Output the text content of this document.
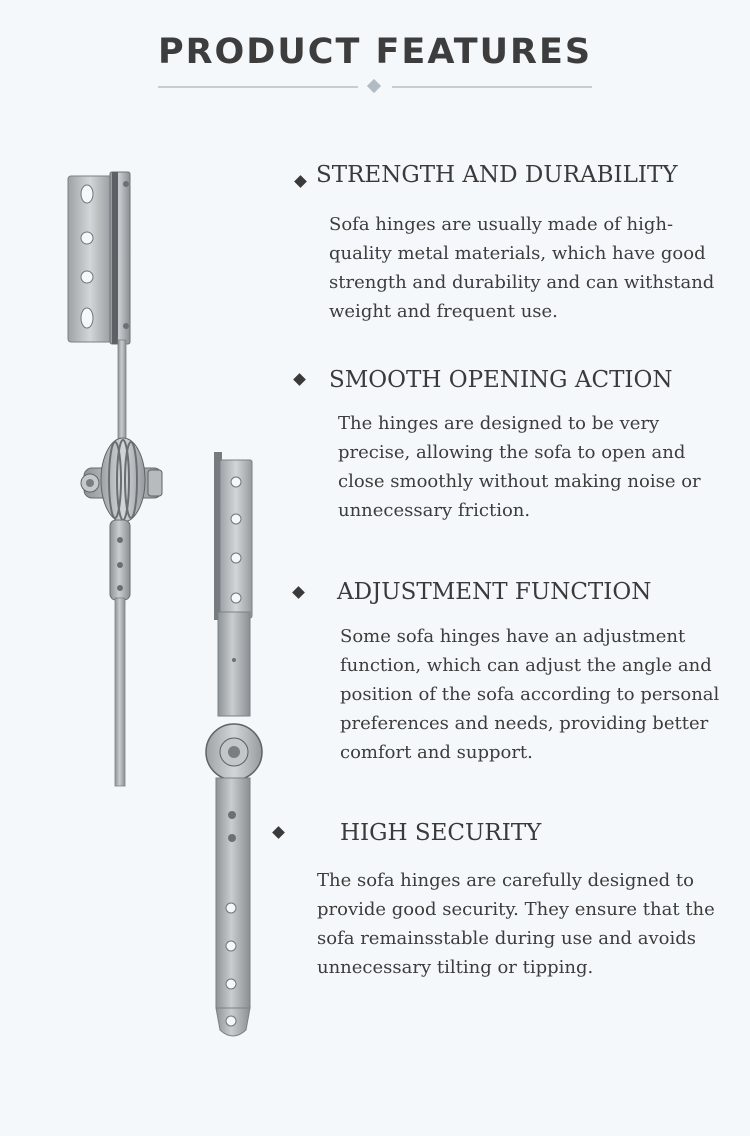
PRODUCT FEATURES
STRENGTH AND DURABILITY

Sofa hinges are usually made of high-quality metal materials, which have good strength and durability and can withstand weight and frequent use.

SMOOTH OPENING ACTION

The hinges are designed to be very precise, allowing the sofa to open and close smoothly without making noise or unnecessary friction.

ADJUSTMENT FUNCTION

Some sofa hinges have an adjustment function, which can adjust the angle and position of the sofa according to personal preferences and needs, providing better comfort and support.

HIGH SECURITY

The sofa hinges are carefully designed to provide good security. They ensure that the sofa remainsstable during use and avoids unnecessary tilting or tipping.
